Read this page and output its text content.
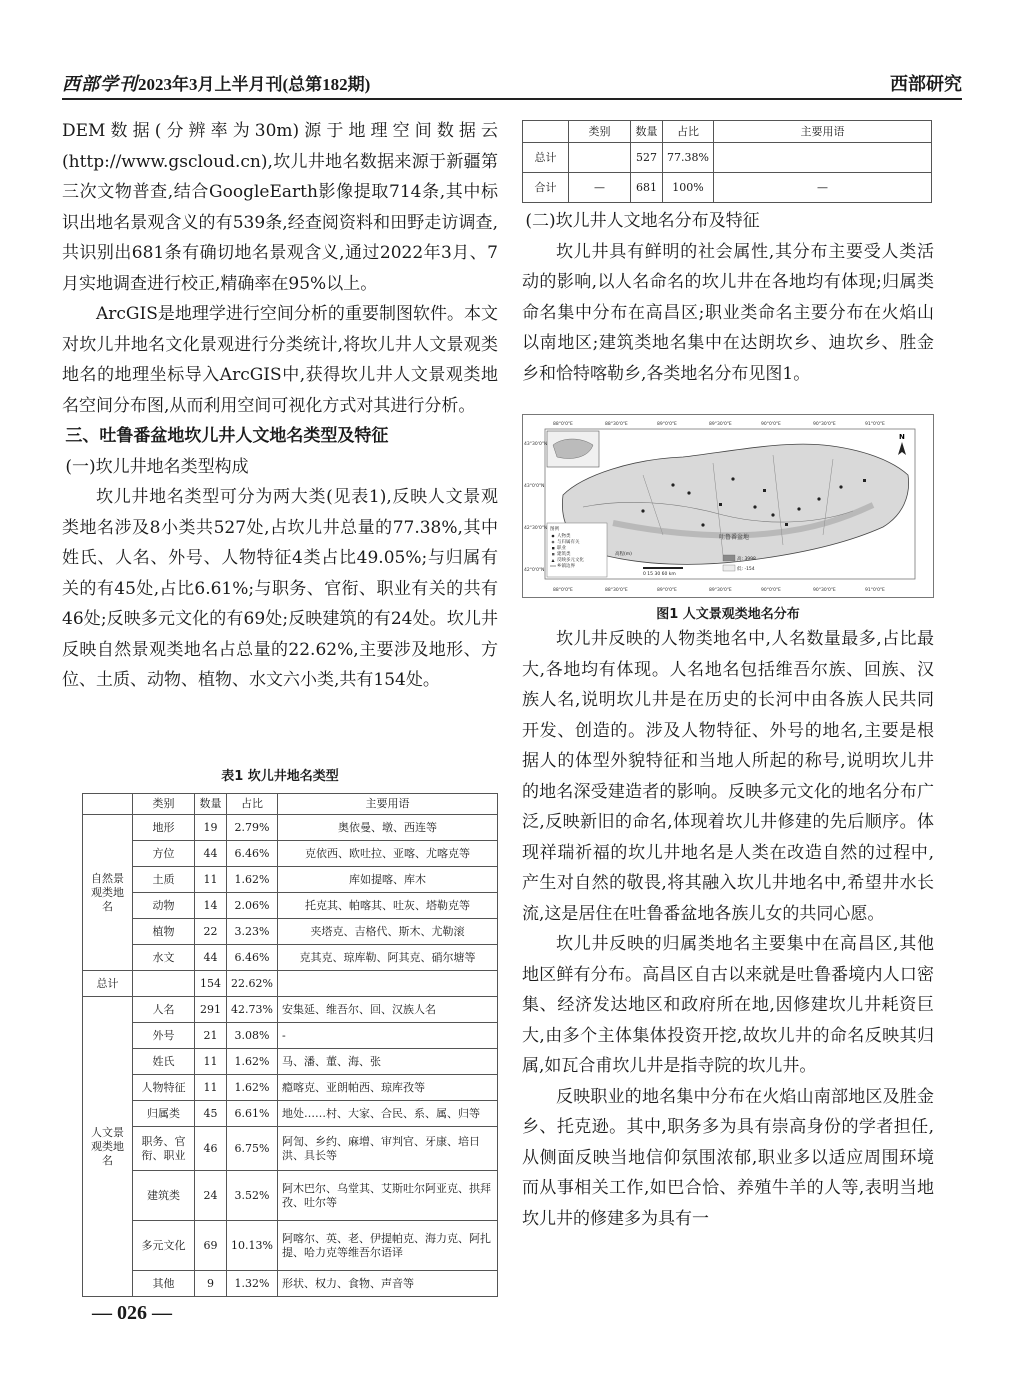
西部学刊2023年3月上半月刊(总第182期)	西部研究

DEM数据(分辨率为30m)源于地理空间数据云(http://www.gscloud.cn),坎儿井地名数据来源于新疆第三次文物普查,结合GoogleEarth影像提取714条,其中标识出地名景观含义的有539条,经查阅资料和田野走访调查,共识别出681条有确切地名景观含义,通过2022年3月、7月实地调查进行校正,精确率在95%以上。

ArcGIS是地理学进行空间分析的重要制图软件。本文对坎儿井地名文化景观进行分类统计,将坎儿井人文景观类地名的地理坐标导入ArcGIS中,获得坎儿井人文景观类地名空间分布图,从而利用空间可视化方式对其进行分析。

三、吐鲁番盆地坎儿井人文地名类型及特征
(一)坎儿井地名类型构成

坎儿井地名类型可分为两大类(见表1),反映人文景观类地名涉及8小类共527处,占坎儿井总量的77.38%,其中姓氏、人名、外号、人物特征4类占比49.05%;与归属有关的有45处,占比6.61%;与职务、官衔、职业有关的共有46处;反映多元文化的有69处;反映建筑的有24处。坎儿井反映自然景观类地名占总量的22.62%,主要涉及地形、方位、土质、动物、植物、水文六小类,共有154处。

表1 坎儿井地名类型
	类别	数量	占比	主要用语
自然景观类地名	地形	19	2.79%	奥依曼、墩、西连等
	方位	44	6.46%	克依西、欧吐拉、亚喀、尤喀克等
	土质	11	1.62%	库如提喀、库木
	动物	14	2.06%	托克其、帕喀其、吐灰、塔勒克等
	植物	22	3.23%	夹塔克、吉格代、斯木、尤勒滚
	水文	44	6.46%	克其克、琼库勒、阿其克、硝尔塘等
总计		154	22.62%	
人文景观类地名	人名	291	42.73%	安集延、维吾尔、回、汉族人名
	外号	21	3.08%	-
	姓氏	11	1.62%	马、潘、董、海、张
	人物特征	11	1.62%	瘾喀克、亚朗帕西、琼库孜等
	归属类	45	6.61%	地处……村、大家、合民、系、属、归等
	职务、官衔、职业	46	6.75%	阿訇、乡约、麻增、审判官、牙康、培日洪、具长等
	建筑类	24	3.52%	阿木巴尔、乌堂其、艾斯吐尔阿亚克、拱拜孜、吐尔等
	多元文化	69	10.13%	阿喀尔、英、老、伊提帕克、海力克、阿扎提、哈力克等维吾尔语译
	其他	9	1.32%	形状、权力、食物、声音等
	类别	数量	占比	主要用语
总计		527	77.38%	
合计	—	681	100%	—
(二)坎儿井人文地名分布及特征

坎儿井具有鲜明的社会属性,其分布主要受人类活动的影响,以人名命名的坎儿井在各地均有体现;归属类命名集中分布在高昌区;职业类命名主要分布在火焰山以南地区;建筑类地名集中在达朗坎乡、迪坎乡、胜金乡和恰特喀勒乡,各类地名分布见图1。

88°0'0"E	88°30'0"E	89°0'0"E	89°30'0"E	90°0'0"E	90°30'0"E	91°0'0"E
88°0'0"E	88°30'0"E	89°0'0"E	89°30'0"E	90°0'0"E	90°30'0"E	91°0'0"E
43°30'0"N
43°0'0"N
42°30'0"N
42°0'0"N
吐鲁番盆地
N
图例
人物类
与归属有关
职业
建筑类
反映多元文化
乡镇边界
高程(m)
高: 3998
低: -154
0 15 30 60 km
图1 人文景观类地名分布

坎儿井反映的人物类地名中,人名数量最多,占比最大,各地均有体现。人名地名包括维吾尔族、回族、汉族人名,说明坎儿井是在历史的长河中由各族人民共同开发、创造的。涉及人物特征、外号的地名,主要是根据人的体型外貌特征和当地人所起的称号,说明坎儿井的地名深受建造者的影响。反映多元文化的地名分布广泛,反映新旧的命名,体现着坎儿井修建的先后顺序。体现祥瑞祈福的坎儿井地名是人类在改造自然的过程中,产生对自然的敬畏,将其融入坎儿井地名中,希望井水长流,这是居住在吐鲁番盆地各族儿女的共同心愿。

坎儿井反映的归属类地名主要集中在高昌区,其他地区鲜有分布。高昌区自古以来就是吐鲁番境内人口密集、经济发达地区和政府所在地,因修建坎儿井耗资巨大,由多个主体集体投资开挖,故坎儿井的命名反映其归属,如瓦合甫坎儿井是指寺院的坎儿井。

反映职业的地名集中分布在火焰山南部地区及胜金乡、托克逊。其中,职务多为具有崇高身份的学者担任,从侧面反映当地信仰氛围浓郁,职业多以适应周围环境而从事相关工作,如巴合恰、养殖牛羊的人等,表明当地坎儿井的修建多为具有一

— 026 —
